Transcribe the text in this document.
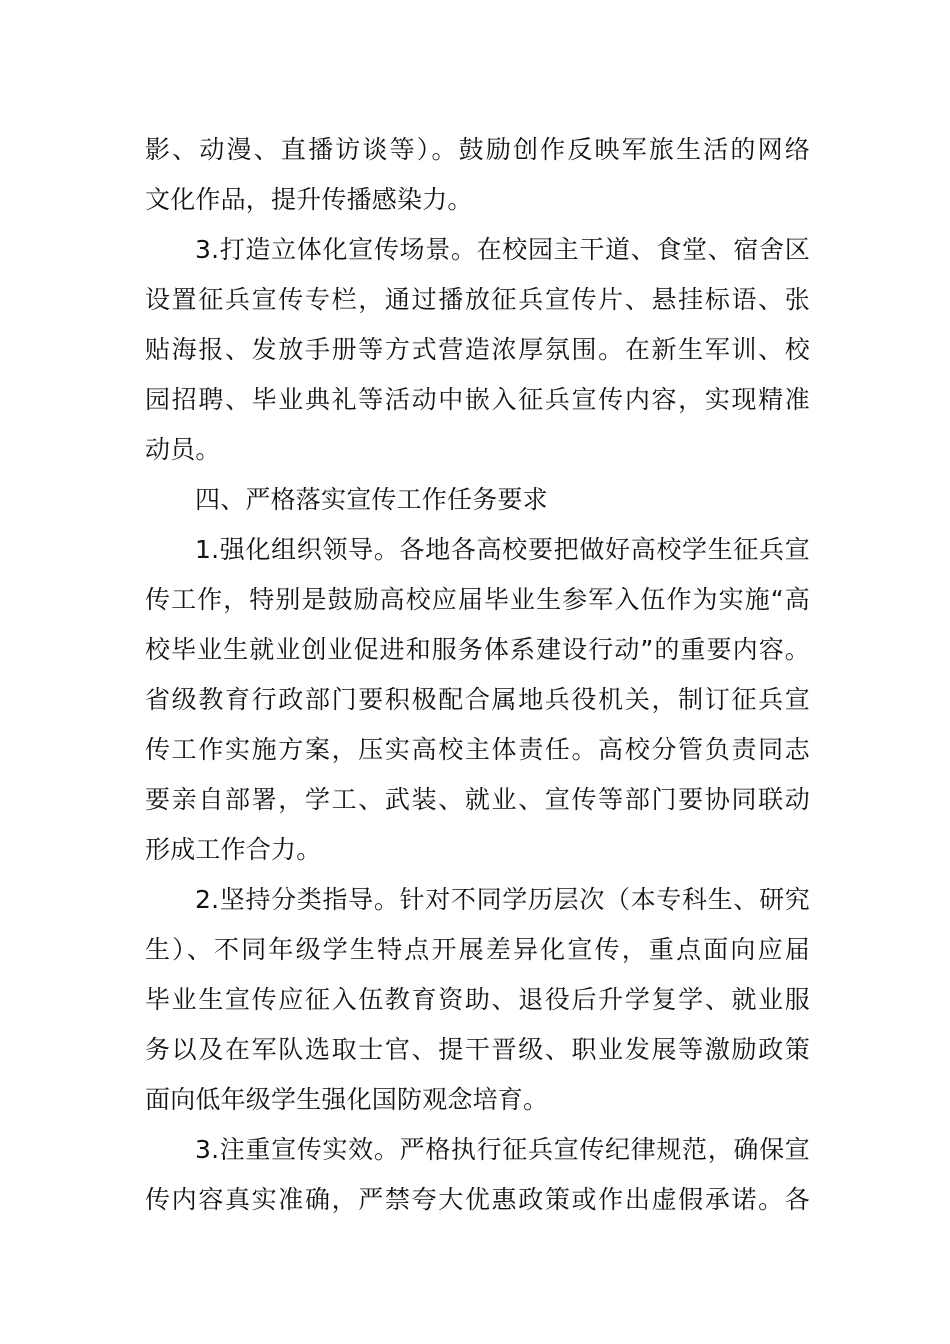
影、动漫、直播访谈等）。鼓励创作反映军旅生活的网络
文化作品，提升传播感染力。
3.打造立体化宣传场景。在校园主干道、食堂、宿舍区
设置征兵宣传专栏，通过播放征兵宣传片、悬挂标语、张
贴海报、发放手册等方式营造浓厚氛围。在新生军训、校
园招聘、毕业典礼等活动中嵌入征兵宣传内容，实现精准
动员。
四、严格落实宣传工作任务要求
1.强化组织领导。各地各高校要把做好高校学生征兵宣
传工作，特别是鼓励高校应届毕业生参军入伍作为实施“高
校毕业生就业创业促进和服务体系建设行动”的重要内容。
省级教育行政部门要积极配合属地兵役机关，制订征兵宣
传工作实施方案，压实高校主体责任。高校分管负责同志
要亲自部署，学工、武装、就业、宣传等部门要协同联动
形成工作合力。
2.坚持分类指导。针对不同学历层次（本专科生、研究
生）、不同年级学生特点开展差异化宣传，重点面向应届
毕业生宣传应征入伍教育资助、退役后升学复学、就业服
务以及在军队选取士官、提干晋级、职业发展等激励政策
面向低年级学生强化国防观念培育。
3.注重宣传实效。严格执行征兵宣传纪律规范，确保宣
传内容真实准确，严禁夸大优惠政策或作出虚假承诺。各
